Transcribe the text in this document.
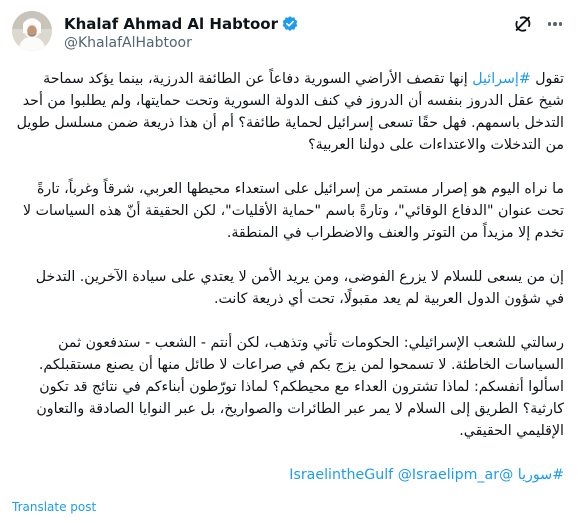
Khalaf Ahmad Al Habtoor
@KhalafAlHabtoor

تقول #إسرائيل إنها تقصف الأراضي السورية دفاعاً عن الطائفة الدرزية، بينما يؤكد سماحة شيخ عقل الدروز بنفسه أن الدروز في كنف الدولة السورية وتحت حمايتها، ولم يطلبوا من أحد التدخل باسمهم. فهل حقًا تسعى إسرائيل لحماية طائفة؟ أم أن هذا ذريعة ضمن مسلسل طويل من التدخلات والاعتداءات على دولنا العربية؟

ما نراه اليوم هو إصرار مستمر من إسرائيل على استعداء محيطها العربي، شرقاً وغرباً، تارةً تحت عنوان "الدفاع الوقائي"، وتارةً باسم "حماية الأقليات"، لكن الحقيقة أنّ هذه السياسات لا تخدم إلا مزيداً من التوتر والعنف والاضطراب في المنطقة.

إن من يسعى للسلام لا يزرع الفوضى، ومن يريد الأمن لا يعتدي على سيادة الآخرين. التدخل في شؤون الدول العربية لم يعد مقبولًا، تحت أي ذريعة كانت.

رسالتي للشعب الإسرائيلي: الحكومات تأتي وتذهب، لكن أنتم - الشعب - ستدفعون ثمن السياسات الخاطئة. لا تسمحوا لمن يزج بكم في صراعات لا طائل منها أن يصنع مستقبلكم. اسألوا أنفسكم: لماذا تشترون العداء مع محيطكم؟ لماذا تورّطون أبناءكم في نتائج قد تكون كارثية؟ الطريق إلى السلام لا يمر عبر الطائرات والصواريخ، بل عبر النوايا الصادقة والتعاون الإقليمي الحقيقي.

#سوريا @IsraelintheGulf @Israelipm_ar

Translate post
